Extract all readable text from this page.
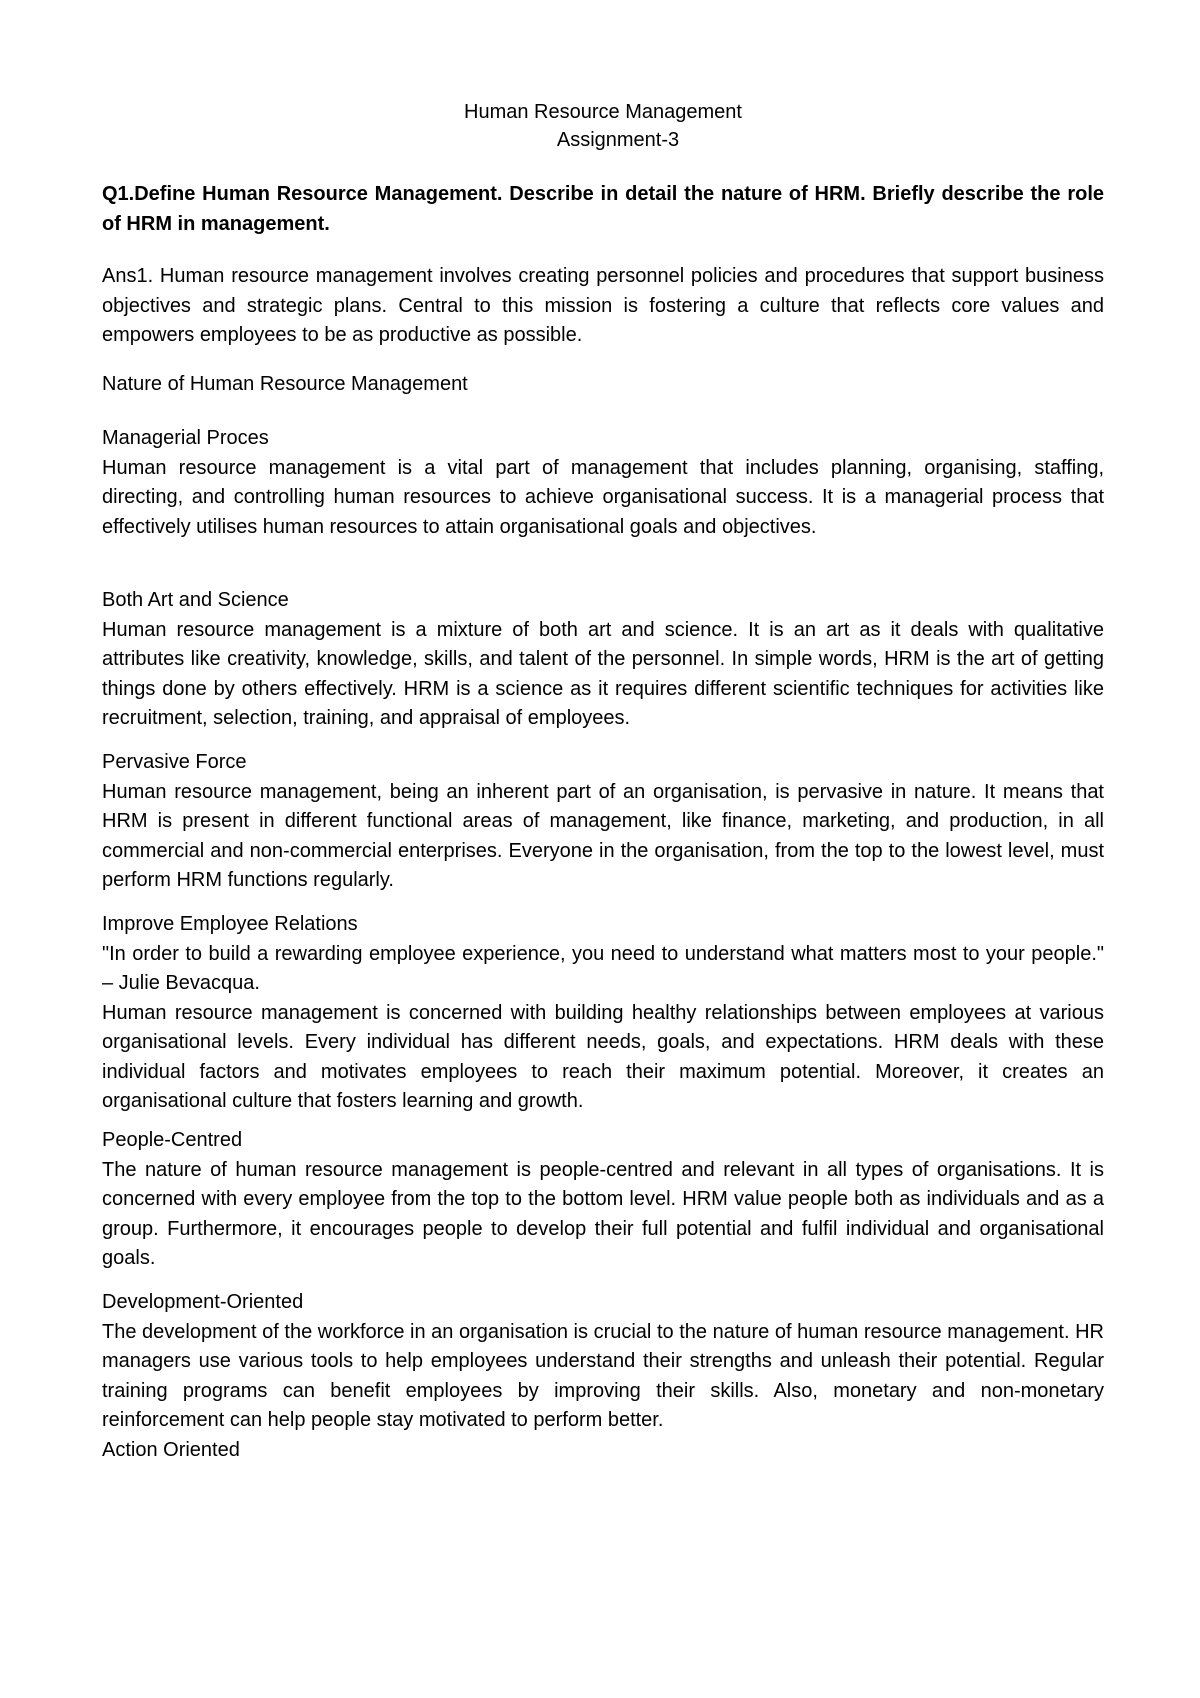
Human Resource Management
Assignment-3

Q1.Define Human Resource Management. Describe in detail the nature of HRM. Briefly describe the role of HRM in management.

Ans1. Human resource management involves creating personnel policies and procedures that support business objectives and strategic plans. Central to this mission is fostering a culture that reflects core values and empowers employees to be as productive as possible.

Nature of Human Resource Management

Managerial Proces
Human resource management is a vital part of management that includes planning, organising, staffing, directing, and controlling human resources to achieve organisational success. It is a managerial process that effectively utilises human resources to attain organisational goals and objectives.
Both Art and Science
Human resource management is a mixture of both art and science. It is an art as it deals with qualitative attributes like creativity, knowledge, skills, and talent of the personnel. In simple words, HRM is the art of getting things done by others effectively. HRM is a science as it requires different scientific techniques for activities like recruitment, selection, training, and appraisal of employees.
Pervasive Force
Human resource management, being an inherent part of an organisation, is pervasive in nature. It means that HRM is present in different functional areas of management, like finance, marketing, and production, in all commercial and non-commercial enterprises. Everyone in the organisation, from the top to the lowest level, must perform HRM functions regularly.
Improve Employee Relations
"In order to build a rewarding employee experience, you need to understand what matters most to your people." – Julie Bevacqua.
Human resource management is concerned with building healthy relationships between employees at various organisational levels. Every individual has different needs, goals, and expectations. HRM deals with these individual factors and motivates employees to reach their maximum potential. Moreover, it creates an organisational culture that fosters learning and growth.
People-Centred
The nature of human resource management is people-centred and relevant in all types of organisations. It is concerned with every employee from the top to the bottom level. HRM value people both as individuals and as a group. Furthermore, it encourages people to develop their full potential and fulfil individual and organisational goals.
Development-Oriented
The development of the workforce in an organisation is crucial to the nature of human resource management. HR managers use various tools to help employees understand their strengths and unleash their potential. Regular training programs can benefit employees by improving their skills. Also, monetary and non-monetary reinforcement can help people stay motivated to perform better.
Action Oriented
